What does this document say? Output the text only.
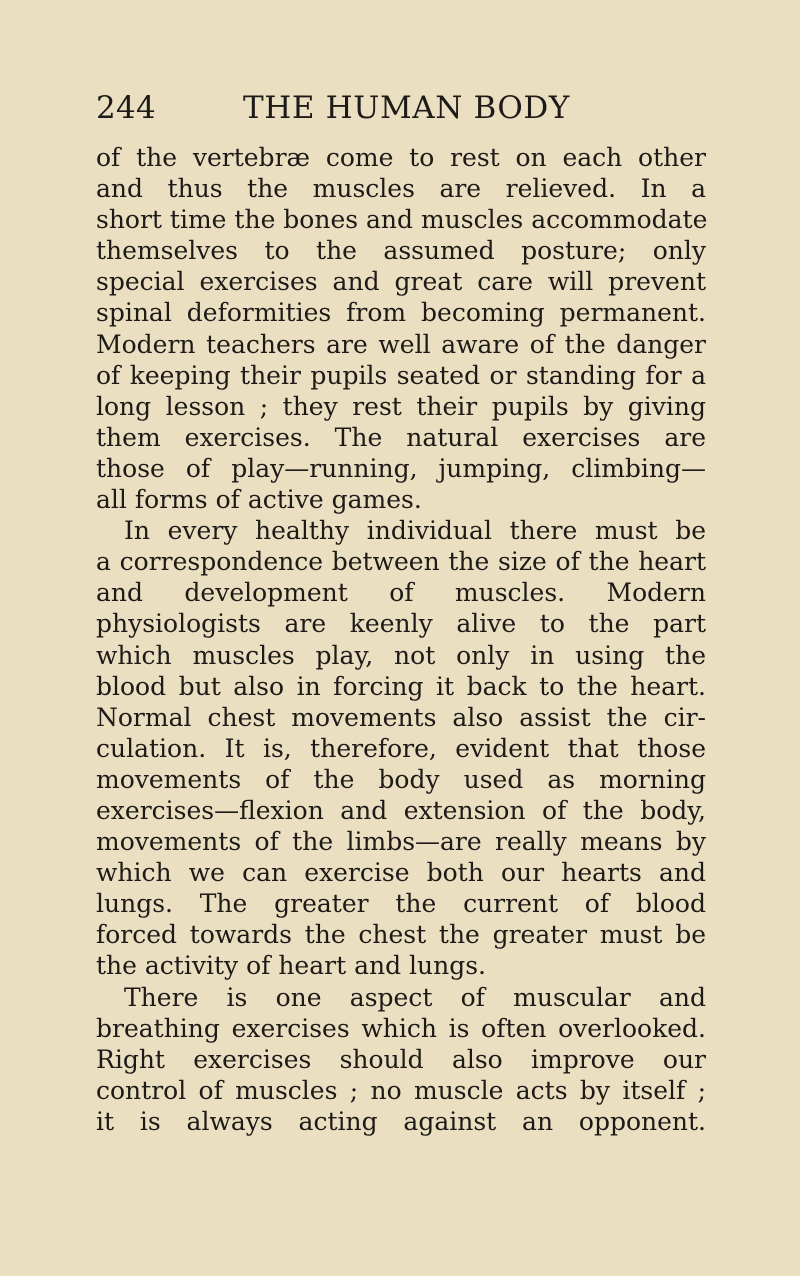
244	THE HUMAN BODY
of the vertebræ come to rest on each other
and thus the muscles are relieved. In a
short time the bones and muscles accommodate
themselves to the assumed posture; only
special exercises and great care will prevent
spinal deformities from becoming permanent.
Modern teachers are well aware of the danger
of keeping their pupils seated or standing for a
long lesson ; they rest their pupils by giving
them exercises. The natural exercises are
those of play—running, jumping, climbing—
all forms of active games.
In every healthy individual there must be
a correspondence between the size of the heart
and development of muscles. Modern
physiologists are keenly alive to the part
which muscles play, not only in using the
blood but also in forcing it back to the heart.
Normal chest movements also assist the cir-
culation. It is, therefore, evident that those
movements of the body used as morning
exercises—flexion and extension of the body,
movements of the limbs—are really means by
which we can exercise both our hearts and
lungs. The greater the current of blood
forced towards the chest the greater must be
the activity of heart and lungs.
There is one aspect of muscular and
breathing exercises which is often overlooked.
Right exercises should also improve our
control of muscles ; no muscle acts by itself ;
it is always acting against an opponent.
